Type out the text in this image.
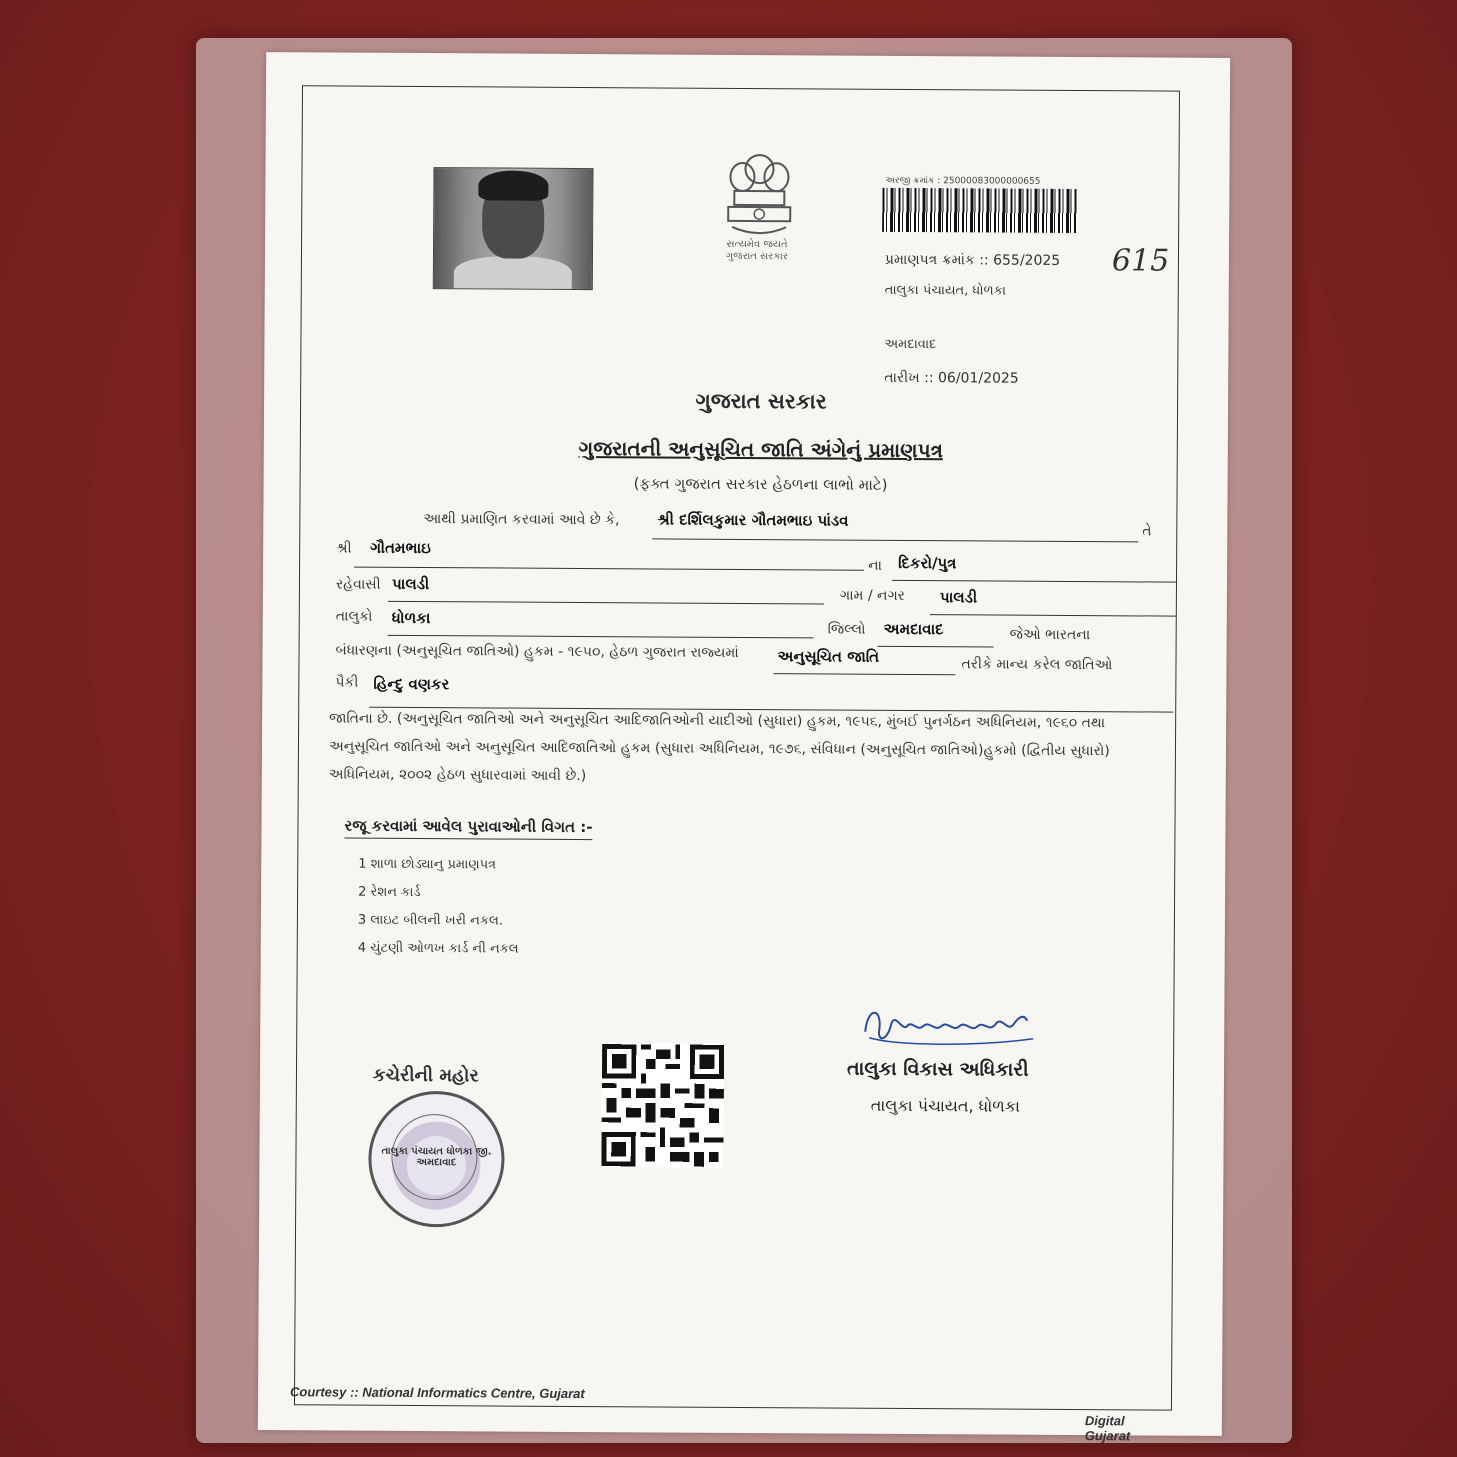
સત્યમેવ જયતે
ગુજરાત સરકાર
અરજી ક્રમાંક : 25000083000000655
પ્રમાણપત્ર ક્રમાંક :: 655/2025 615
તાલુકા પંચાયત, ધોળકા
અમદાવાદ
તારીખ :: 06/01/2025
ગુજરાત સરકાર
ગુજરાતની અનુસૂચિત જાતિ અંગેનું પ્રમાણપત્ર
(ફક્ત ગુજરાત સરકાર હેઠળના લાભો માટે)
આથી પ્રમાણિત કરવામાં આવે છે કે,	શ્રી દર્શિલકુમાર ગૌતમભાઇ પાંડવ
તે
શ્રી ગૌતમભાઇ
ના દિકરો/પુત્ર
રહેવાસી પાલડી
ગામ / નગર પાલડી
તાલુકો ધોળકા
જિલ્લો અમદાવાદ	જેઓ ભારતના
બંધારણના (અનુસૂચિત જાતિઓ) હુકમ - ૧૯૫૦, હેઠળ ગુજરાત રાજ્યમાં	અનુસૂચિત જાતિ	તરીકે માન્ય કરેલ જાતિઓ
પૈકી હિન્દુ વણકર
જાતિના છે. (અનુસૂચિત જાતિઓ અને અનુસૂચિત આદિજાતિઓની યાદીઓ (સુધારા) હુકમ, ૧૯૫૬, મુંબઈ પુનર્ગઠન અધિનિયમ, ૧૯૬૦ તથા અનુસૂચિત જાતિઓ અને અનુસૂચિત આદિજાતિઓ હુકમ (સુધારા અધિનિયમ, ૧૯૭૬, સંવિધાન (અનુસૂચિત જાતિઓ)હુકમો (દ્વિતીય સુધારો) અધિનિયમ, ૨૦૦૨ હેઠળ સુધારવામાં આવી છે.)
રજૂ કરવામાં આવેલ પુરાવાઓની વિગત :-
1 શાળા છોડ્યાનુ પ્રમાણપત્ર
2 રેશન કાર્ડ
3 લાઇટ બીલની ખરી નકલ.
4 ચુંટણી ઓળખ કાર્ડ ની નકલ
કચેરીની મહોર
તાલુકા પંચાયત ધોળકા જી. અમદાવાદ
તાલુકા વિકાસ અધિકારી
તાલુકા પંચાયત, ધોળકા
Courtesy :: National Informatics Centre, Gujarat
Digital Gujarat
